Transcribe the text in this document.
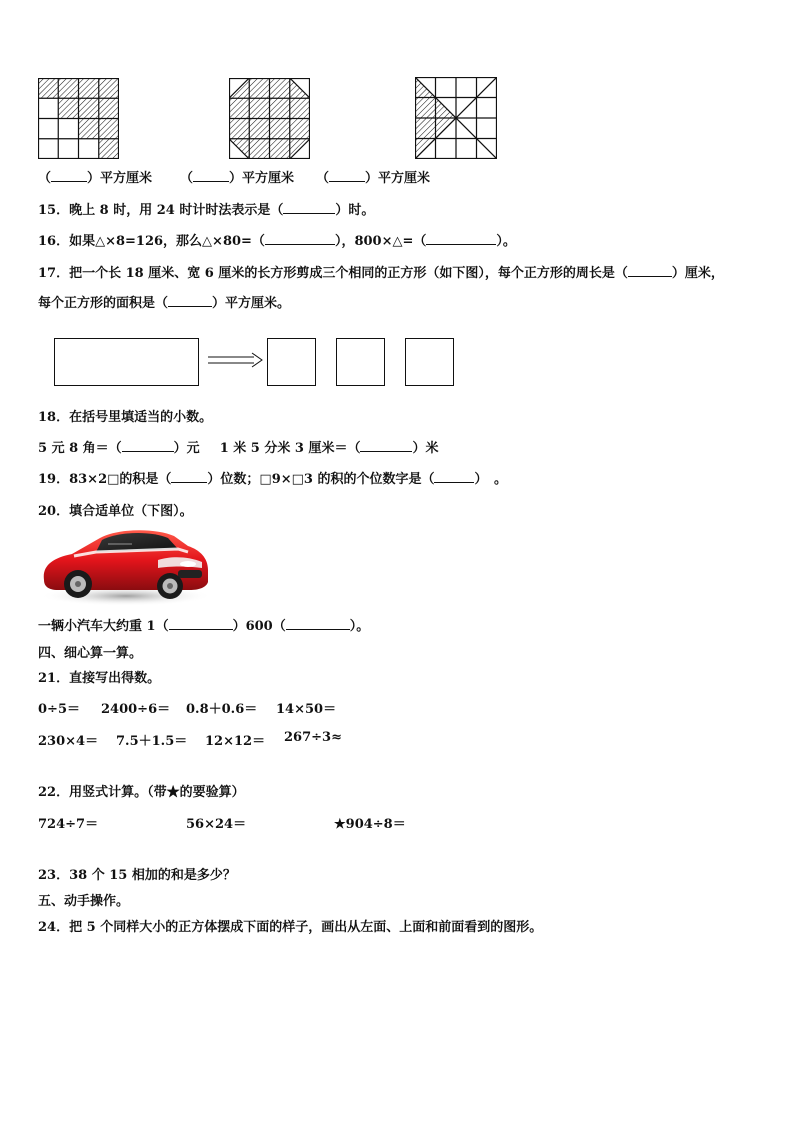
（	）平方厘米 （	）平方厘米 （	）平方厘米
15．晚上 8 时，用 24 时计时法表示是（	）时。
16．如果△×8=126，那么△×80=（	），800×△=（	）。
17．把一个长 18 厘米、宽 6 厘米的长方形剪成三个相同的正方形（如下图），每个正方形的周长是（	）厘米，
每个正方形的面积是（	）平方厘米。
18．在括号里填适当的小数。
5 元 8 角＝（	）元 1 米 5 分米 3 厘米＝（	）米
19．83×2□的积是（	）位数；□9×□3 的积的个位数字是（	）　。
20．填合适单位（下图）。
一辆小汽车大约重 1（	）600（	）。
四、细心算一算。
21．直接写出得数。
0÷5＝ 2400÷6＝ 0.8＋0.6＝ 14×50＝
230×4＝ 7.5＋1.5＝ 12×12＝ 267÷3≈
22．用竖式计算。（带★的要验算）
724÷7＝	56×24＝	★904÷8＝
23．38 个 15 相加的和是多少？
五、动手操作。
24．把 5 个同样大小的正方体摆成下面的样子，画出从左面、上面和前面看到的图形。
